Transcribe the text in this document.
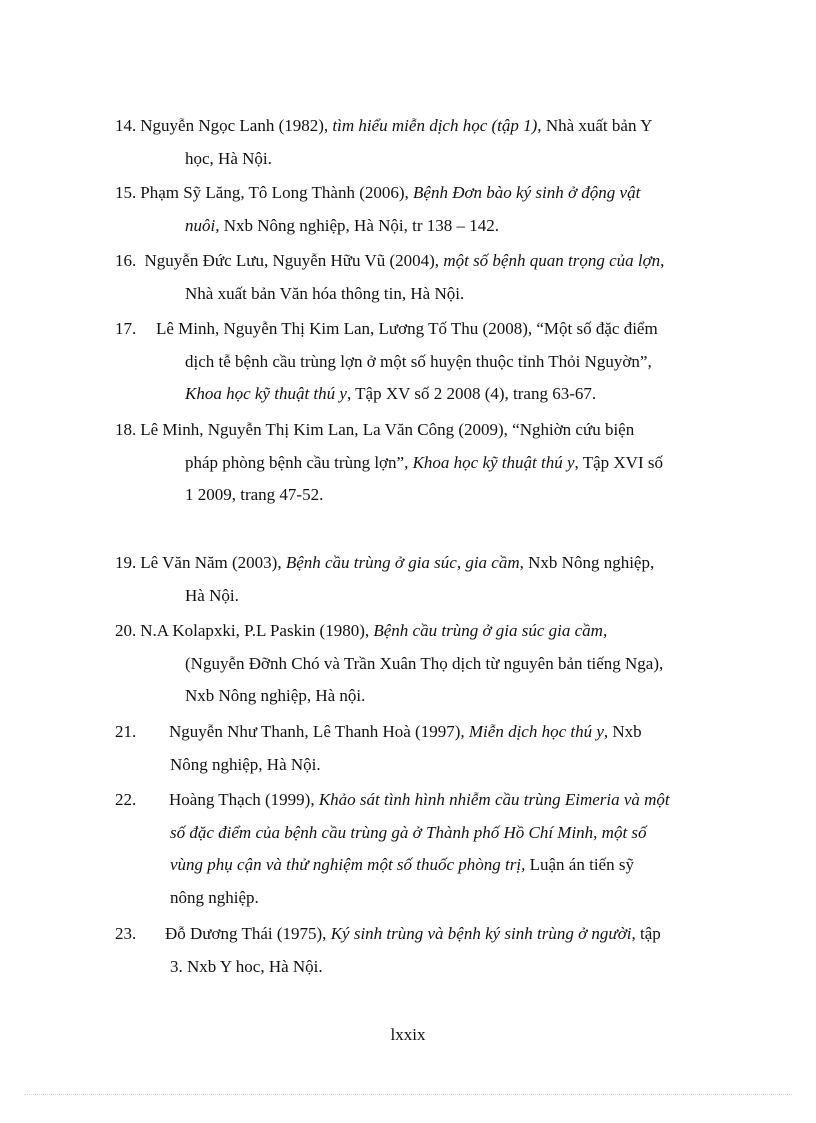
14. Nguyễn Ngọc Lanh (1982), tìm hiểu miễn dịch học (tập 1), Nhà xuất bản Y
học, Hà Nội.

15. Phạm Sỹ Lăng, Tô Long Thành (2006), Bệnh Đơn bào ký sinh ở động vật
nuôi, Nxb Nông nghiệp, Hà Nội, tr 138 – 142.

16. Nguyễn Đức Lưu, Nguyễn Hữu Vũ (2004), một số bệnh quan trọng của lợn,
Nhà xuất bản Văn hóa thông tin, Hà Nội.

17. Lê Minh, Nguyễn Thị Kim Lan, Lương Tố Thu (2008), “Một số đặc điểm
dịch tễ bệnh cầu trùng lợn ở một số huyện thuộc tỉnh Thỏi Nguyờn”,
Khoa học kỹ thuật thú y, Tập XV số 2 2008 (4), trang 63-67.

18. Lê Minh, Nguyễn Thị Kim Lan, La Văn Công (2009), “Nghiờn cứu biện
pháp phòng bệnh cầu trùng lợn”, Khoa học kỹ thuật thú y, Tập XVI số
1 2009, trang 47-52.

19. Lê Văn Năm (2003), Bệnh cầu trùng ở gia súc, gia cầm, Nxb Nông nghiệp,
Hà Nội.

20. N.A Kolapxki, P.L Paskin (1980), Bệnh cầu trùng ở gia súc gia cầm,
(Nguyễn Đỡnh Chó và Trần Xuân Thọ dịch từ nguyên bản tiếng Nga),
Nxb Nông nghiệp, Hà nội.

21. Nguyễn Như Thanh, Lê Thanh Hoà (1997), Miễn dịch học thú y, Nxb
Nông nghiệp, Hà Nội.

22. Hoàng Thạch (1999), Khảo sát tình hình nhiễm cầu trùng Eimeria và một
số đặc điểm của bệnh cầu trùng gà ở Thành phố Hồ Chí Minh, một số
vùng phụ cận và thử nghiệm một số thuốc phòng trị, Luận án tiến sỹ
nông nghiệp.

23. Đỗ Dương Thái (1975), Ký sinh trùng và bệnh ký sinh trùng ở người, tập
3. Nxb Y hoc, Hà Nội.

lxxix
